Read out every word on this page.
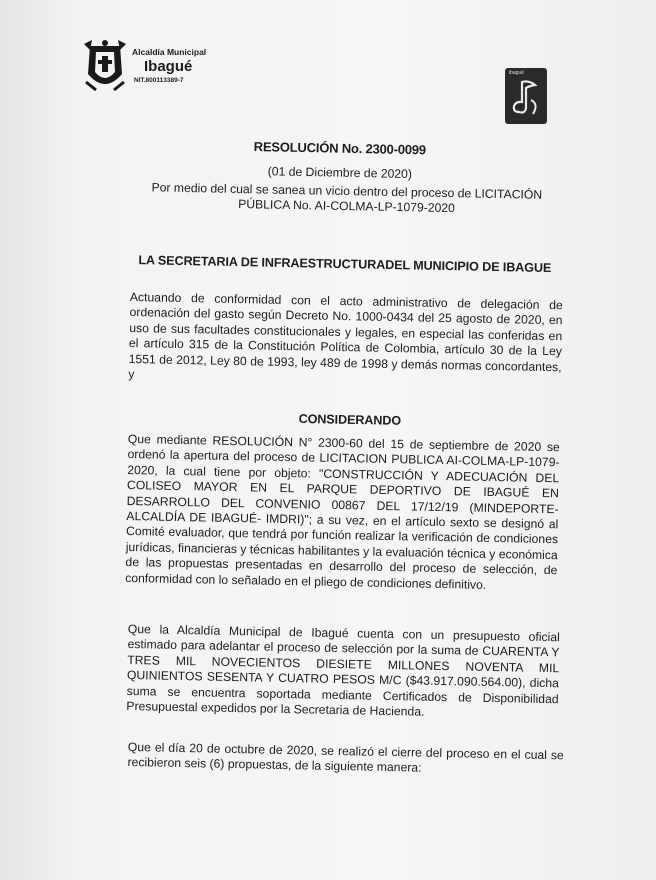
Alcaldía Municipal
Ibagué
NIT.800113389-7
ibagué
RESOLUCIÓN No. 2300-0099
(01 de Diciembre de 2020)
Por medio del cual se sanea un vicio dentro del proceso de LICITACIÓN PÚBLICA No. AI-COLMA-LP-1079-2020
LA SECRETARIA DE INFRAESTRUCTURADEL MUNICIPIO DE IBAGUE
Actuando de conformidad con el acto administrativo de delegación de ordenación del gasto según Decreto No. 1000-0434 del 25 agosto de 2020, en uso de sus facultades constitucionales y legales, en especial las conferidas en el artículo 315 de la Constitución Política de Colombia, artículo 30 de la Ley 1551 de 2012, Ley 80 de 1993, ley 489 de 1998 y demás normas concordantes, y
CONSIDERANDO
Que mediante RESOLUCIÓN N° 2300-60 del 15 de septiembre de 2020 se ordenó la apertura del proceso de LICITACION PUBLICA AI-COLMA-LP-1079-2020, la cual tiene por objeto: "CONSTRUCCIÓN Y ADECUACIÓN DEL COLISEO MAYOR EN EL PARQUE DEPORTIVO DE IBAGUÉ EN DESARROLLO DEL CONVENIO 00867 DEL 17/12/19 (MINDEPORTE-ALCALDÍA DE IBAGUÉ- IMDRI)"; a su vez, en el artículo sexto se designó al Comité evaluador, que tendrá por función realizar la verificación de condiciones jurídicas, financieras y técnicas habilitantes y la evaluación técnica y económica de las propuestas presentadas en desarrollo del proceso de selección, de conformidad con lo señalado en el pliego de condiciones definitivo.
Que la Alcaldía Municipal de Ibagué cuenta con un presupuesto oficial estimado para adelantar el proceso de selección por la suma de CUARENTA Y TRES MIL NOVECIENTOS DIESIETE MILLONES NOVENTA MIL QUINIENTOS SESENTA Y CUATRO PESOS M/C ($43.917.090.564.00), dicha suma se encuentra soportada mediante Certificados de Disponibilidad Presupuestal expedidos por la Secretaria de Hacienda.
Que el día 20 de octubre de 2020, se realizó el cierre del proceso en el cual se recibieron seis (6) propuestas, de la siguiente manera:
